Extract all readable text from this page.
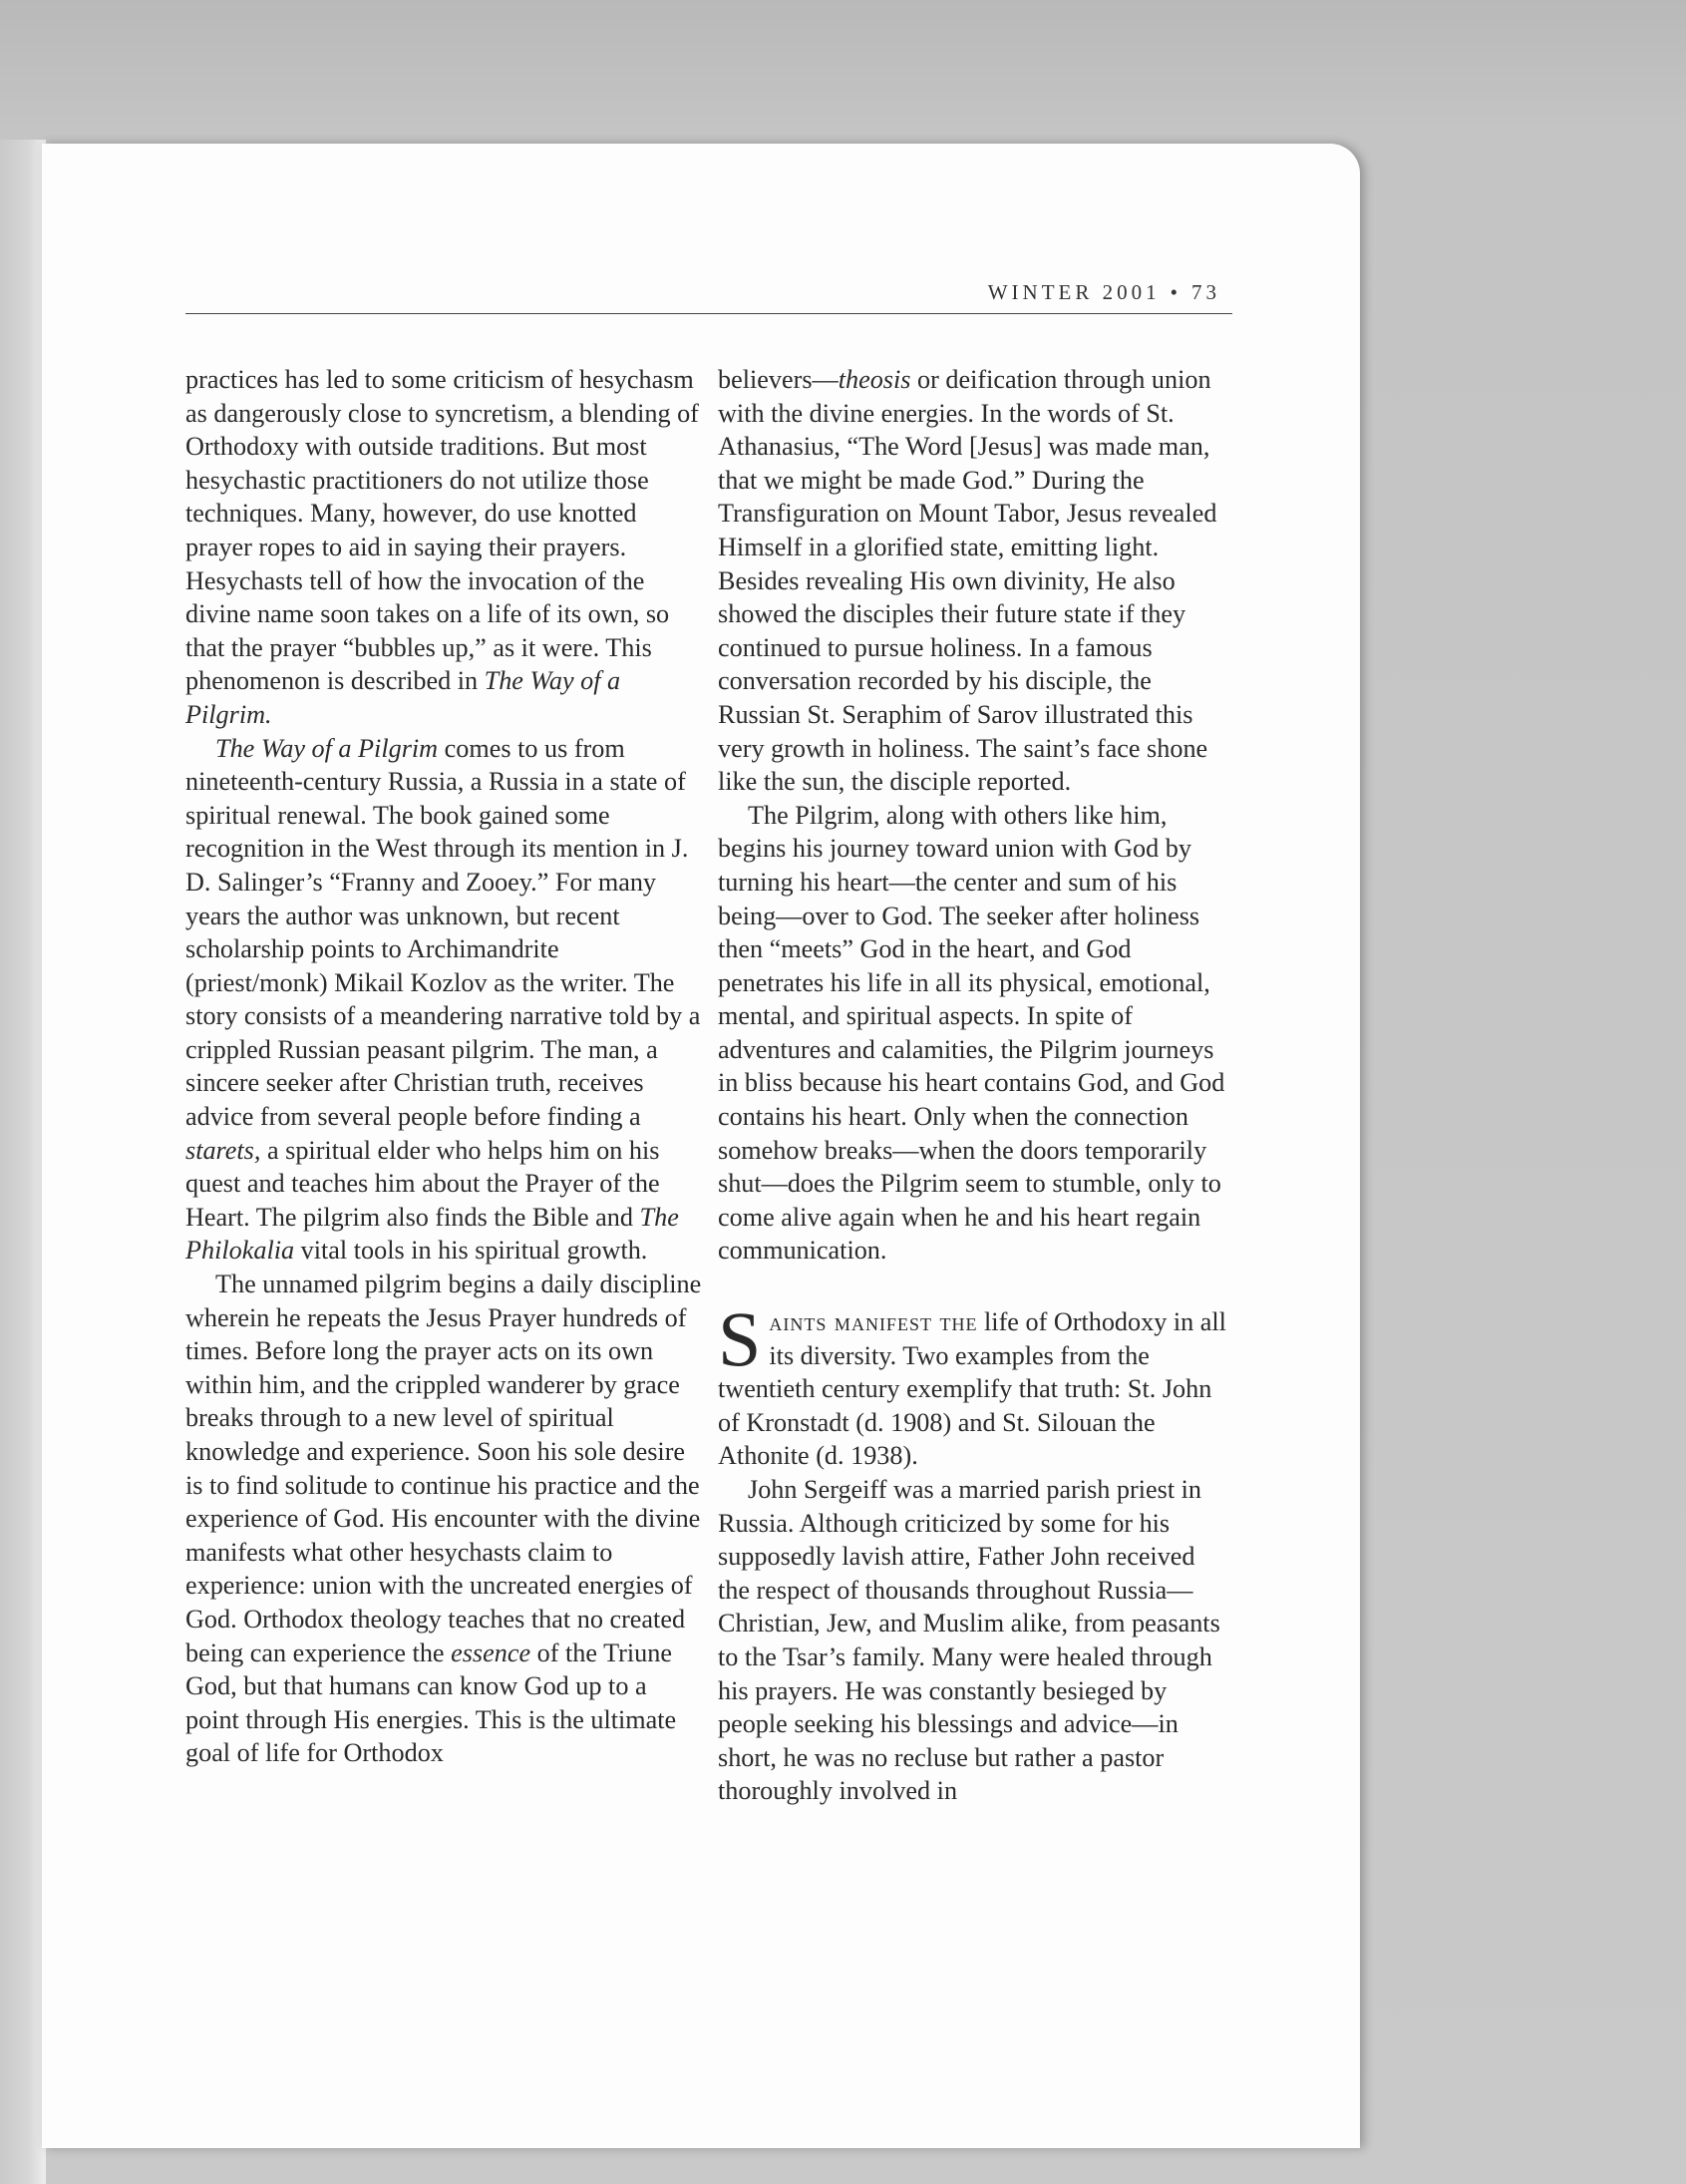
WINTER 2001 • 73

practices has led to some criticism of hesychasm as dangerously close to syncretism, a blending of Orthodoxy with outside traditions. But most hesychastic practitioners do not utilize those techniques. Many, however, do use knotted prayer ropes to aid in saying their prayers. Hesychasts tell of how the invocation of the divine name soon takes on a life of its own, so that the prayer “bubbles up,” as it were. This phenomenon is described in The Way of a Pilgrim.

The Way of a Pilgrim comes to us from nineteenth-century Russia, a Russia in a state of spiritual renewal. The book gained some recognition in the West through its mention in J. D. Salinger’s “Franny and Zooey.” For many years the author was unknown, but recent scholarship points to Archimandrite (priest/monk) Mikail Kozlov as the writer. The story consists of a meandering narrative told by a crippled Russian peasant pilgrim. The man, a sincere seeker after Christian truth, receives advice from several people before finding a starets, a spiritual elder who helps him on his quest and teaches him about the Prayer of the Heart. The pilgrim also finds the Bible and The Philokalia vital tools in his spiritual growth.

The unnamed pilgrim begins a daily discipline wherein he repeats the Jesus Prayer hundreds of times. Before long the prayer acts on its own within him, and the crippled wanderer by grace breaks through to a new level of spiritual knowledge and experience. Soon his sole desire is to find solitude to continue his practice and the experience of God. His encounter with the divine manifests what other hesychasts claim to experience: union with the uncreated energies of God. Orthodox theology teaches that no created being can experience the essence of the Triune God, but that humans can know God up to a point through His energies. This is the ultimate goal of life for Orthodox

believers—theosis or deification through union with the divine energies. In the words of St. Athanasius, “The Word [Jesus] was made man, that we might be made God.” During the Transfiguration on Mount Tabor, Jesus revealed Himself in a glorified state, emitting light. Besides revealing His own divinity, He also showed the disciples their future state if they continued to pursue holiness. In a famous conversation recorded by his disciple, the Russian St. Seraphim of Sarov illustrated this very growth in holiness. The saint’s face shone like the sun, the disciple reported.

The Pilgrim, along with others like him, begins his journey toward union with God by turning his heart—the center and sum of his being—over to God. The seeker after holiness then “meets” God in the heart, and God penetrates his life in all its physical, emotional, mental, and spiritual aspects. In spite of adventures and calamities, the Pilgrim journeys in bliss because his heart contains God, and God contains his heart. Only when the connection somehow breaks—when the doors temporarily shut—does the Pilgrim seem to stumble, only to come alive again when he and his heart regain communication.

Saints manifest the life of Orthodoxy in all its diversity. Two examples from the twentieth century exemplify that truth: St. John of Kronstadt (d. 1908) and St. Silouan the Athonite (d. 1938).

John Sergeiff was a married parish priest in Russia. Although criticized by some for his supposedly lavish attire, Father John received the respect of thousands throughout Russia—Christian, Jew, and Muslim alike, from peasants to the Tsar’s family. Many were healed through his prayers. He was constantly besieged by people seeking his blessings and advice—in short, he was no recluse but rather a pastor thoroughly involved in
